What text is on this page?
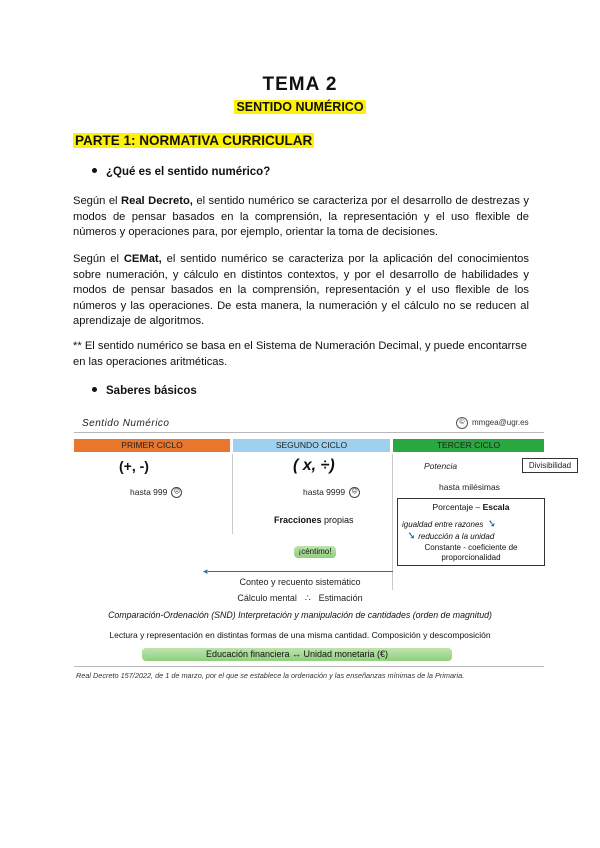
TEMA 2
SENTIDO NUMÉRICO
PARTE 1: NORMATIVA CURRICULAR
¿Qué es el sentido numérico?
Según el Real Decreto, el sentido numérico se caracteriza por el desarrollo de destrezas y modos de pensar basados en la comprensión, la representación y el uso flexible de números y operaciones para, por ejemplo, orientar la toma de decisiones.
Según el CEMat, el sentido numérico se caracteriza por la aplicación del conocimientos sobre numeración, y cálculo en distintos contextos, y por el desarrollo de habilidades y modos de pensar basados en la comprensión, representación y el uso flexible de los números y las operaciones. De esta manera, la numeración y el cálculo no se reducen al aprendizaje de algoritmos.
** El sentido numérico se basa en el Sistema de Numeración Decimal, y puede encontarrse en las operaciones aritméticas.
Saberes básicos
Sentido Numérico	© mmgea@ugr.es
PRIMER CICLO	SEGUNDO CICLO	TERCER CICLO
(+, -)
hasta 999 ☹
( x, ÷)
hasta 9999 ☹
Fracciones propias
¡céntimo!
Potencia	Divisibilidad
hasta milésimas
Porcentaje – Escala
igualdad entre razones ➘
➘ reducción a la unidad
Constante - coeficiente de proporcionalidad
◂
Conteo y recuento sistemático
Cálculo mental ∴ Estimación
Comparación-Ordenación (SND) Interpretación y manipulación de cantidades (orden de magnitud)
Lectura y representación en distintas formas de una misma cantidad. Composición y descomposición
Educación financiera ↔ Unidad monetaria (€)
Real Decreto 157/2022, de 1 de marzo, por el que se establece la ordenación y las enseñanzas mínimas de la Primaria.
